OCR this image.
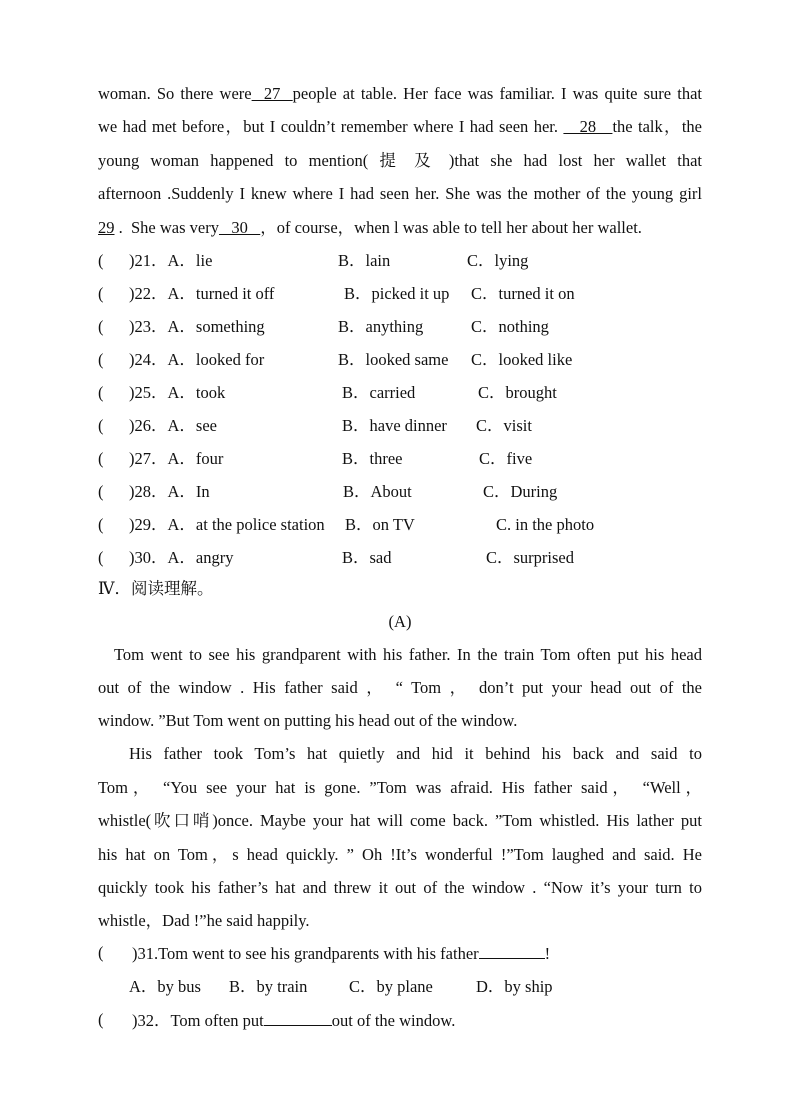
woman. So there were  27  people at table. Her face was familiar. I was quite sure that
we had met before，but I couldn’t remember where I had seen her.    28   the talk，the
young woman happened to mention( 提 及 )that she had lost her wallet that
afternoon .Suddenly I knew where I had seen her. She was the mother of the young girl
29 .  She was very   30   ，of course，when l was able to tell her about her wallet.
( )21．A．lie	B．lain	C．lying
( )22．A．turned it off	B．picked it up C．turned it on
( )23．A．something	B．anything	C．nothing
( )24．A．looked for	B．looked same C．looked like
( )25．A．took	B．carried	C．brought
( )26．A．see	B．have dinner C．visit
( )27．A．four	B．three	C．five
( )28．A．In	B．About	C．During
( )29．A．at the police station B．on TV	C. in the photo
( )30．A．angry	B．sad	C．surprised
Ⅳ．阅读理解。
(A)
Tom went to see his grandparent with his father. In the train Tom often put his head
out of the window . His father said ， “ Tom ， don’t put your head out of the
window. ”But Tom went on putting his head out of the window.
His father took Tom’s hat quietly and hid it behind his back and said to
Tom， “You see your hat is gone. ”Tom was afraid. His father said， “Well，
whistle(吹口哨)once. Maybe your hat will come back. ”Tom whistled. His lather put
his hat on Tom，s head quickly. ” Oh !It’s wonderful !”Tom laughed and said. He
quickly took his father’s hat and threw it out of the window . “Now it’s your turn to
whistle，Dad !”he said happily.
( )31.Tom went to see his grandparents with his father	!
A．by bus B．by train	C．by plane	D．by ship
( )32．Tom often put	out of the window.
